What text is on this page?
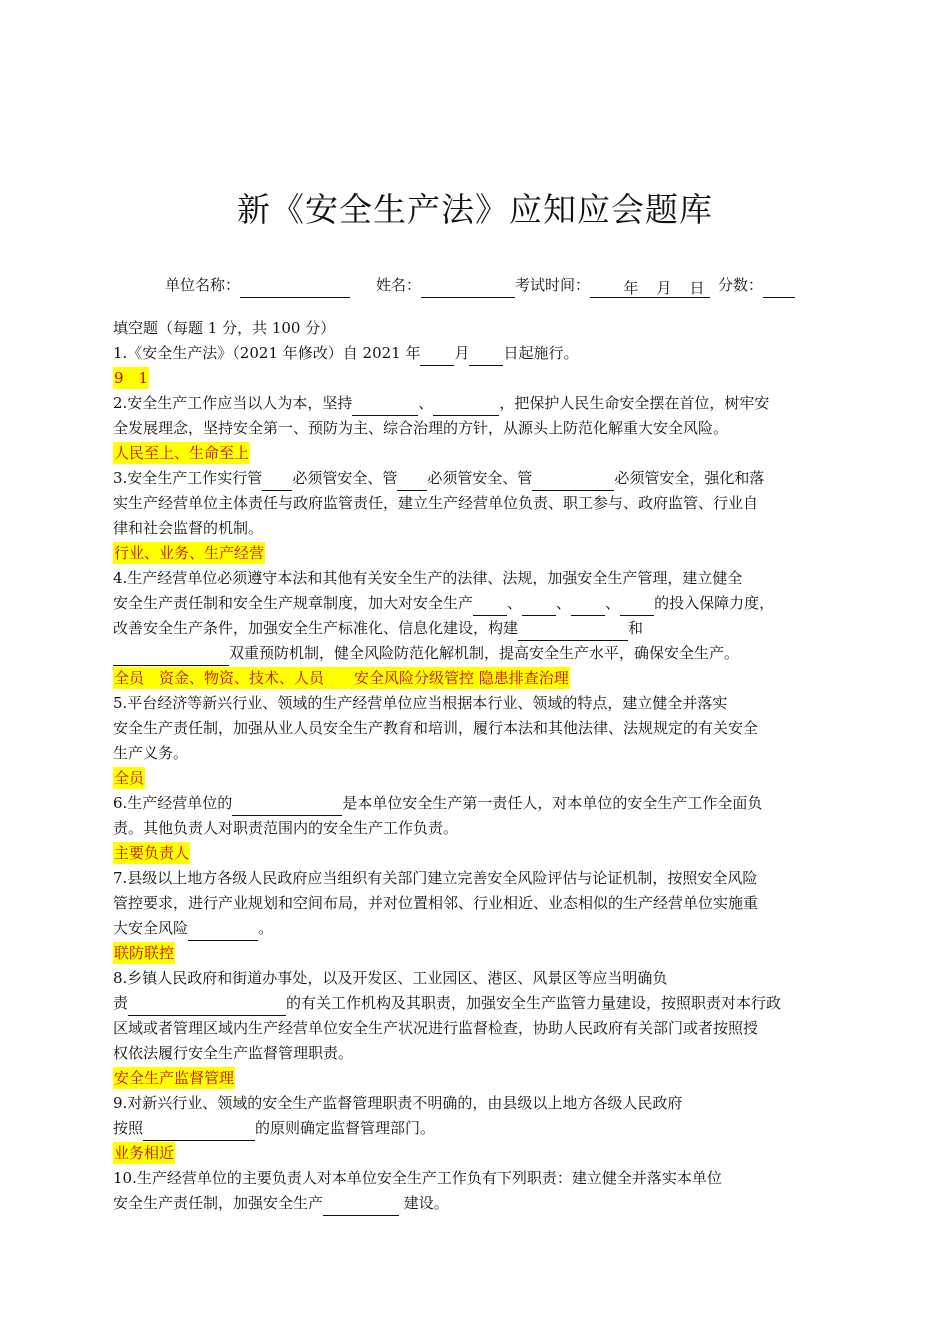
新《安全生产法》应知应会题库
单位名称：	姓名：	考试时间： 年 月 日 分数：
填空题（每题 1 分，共 100 分）
1.《安全生产法》（2021 年修改）自 2021 年 月 日起施行。
9　1
2.安全生产工作应当以人为本，坚持	、	，把保护人民生命安全摆在首位，树牢安
全发展理念，坚持安全第一、预防为主、综合治理的方针，从源头上防范化解重大安全风险。
人民至上、生命至上
3.安全生产工作实行管 必须管安全、管 必须管安全、管	必须管安全，强化和落
实生产经营单位主体责任与政府监管责任，建立生产经营单位负责、职工参与、政府监管、行业自
律和社会监督的机制。
行业、业务、生产经营
4.生产经营单位必须遵守本法和其他有关安全生产的法律、法规，加强安全生产管理，建立健全
安全生产责任制和安全生产规章制度，加大对安全生产 、 、 、 的投入保障力度，
改善安全生产条件，加强安全生产标准化、信息化建设，构建	和
双重预防机制，健全风险防范化解机制，提高安全生产水平，确保安全生产。
全员　资金、物资、技术、人员　　安全风险分级管控 隐患排查治理
5.平台经济等新兴行业、领域的生产经营单位应当根据本行业、领域的特点，建立健全并落实
安全生产责任制，加强从业人员安全生产教育和培训，履行本法和其他法律、法规规定的有关安全
生产义务。
全员
6.生产经营单位的	是本单位安全生产第一责任人，对本单位的安全生产工作全面负
责。其他负责人对职责范围内的安全生产工作负责。
主要负责人
7.县级以上地方各级人民政府应当组织有关部门建立完善安全风险评估与论证机制，按照安全风险
管控要求，进行产业规划和空间布局，并对位置相邻、行业相近、业态相似的生产经营单位实施重
大安全风险	。
联防联控
8.乡镇人民政府和街道办事处，以及开发区、工业园区、港区、风景区等应当明确负
责	的有关工作机构及其职责，加强安全生产监管力量建设，按照职责对本行政
区域或者管理区域内生产经营单位安全生产状况进行监督检查，协助人民政府有关部门或者按照授
权依法履行安全生产监督管理职责。
安全生产监督管理
9.对新兴行业、领域的安全生产监督管理职责不明确的，由县级以上地方各级人民政府
按照	的原则确定监督管理部门。
业务相近
10.生产经营单位的主要负责人对本单位安全生产工作负有下列职责：建立健全并落实本单位
安全生产责任制，加强安全生产	建设。
